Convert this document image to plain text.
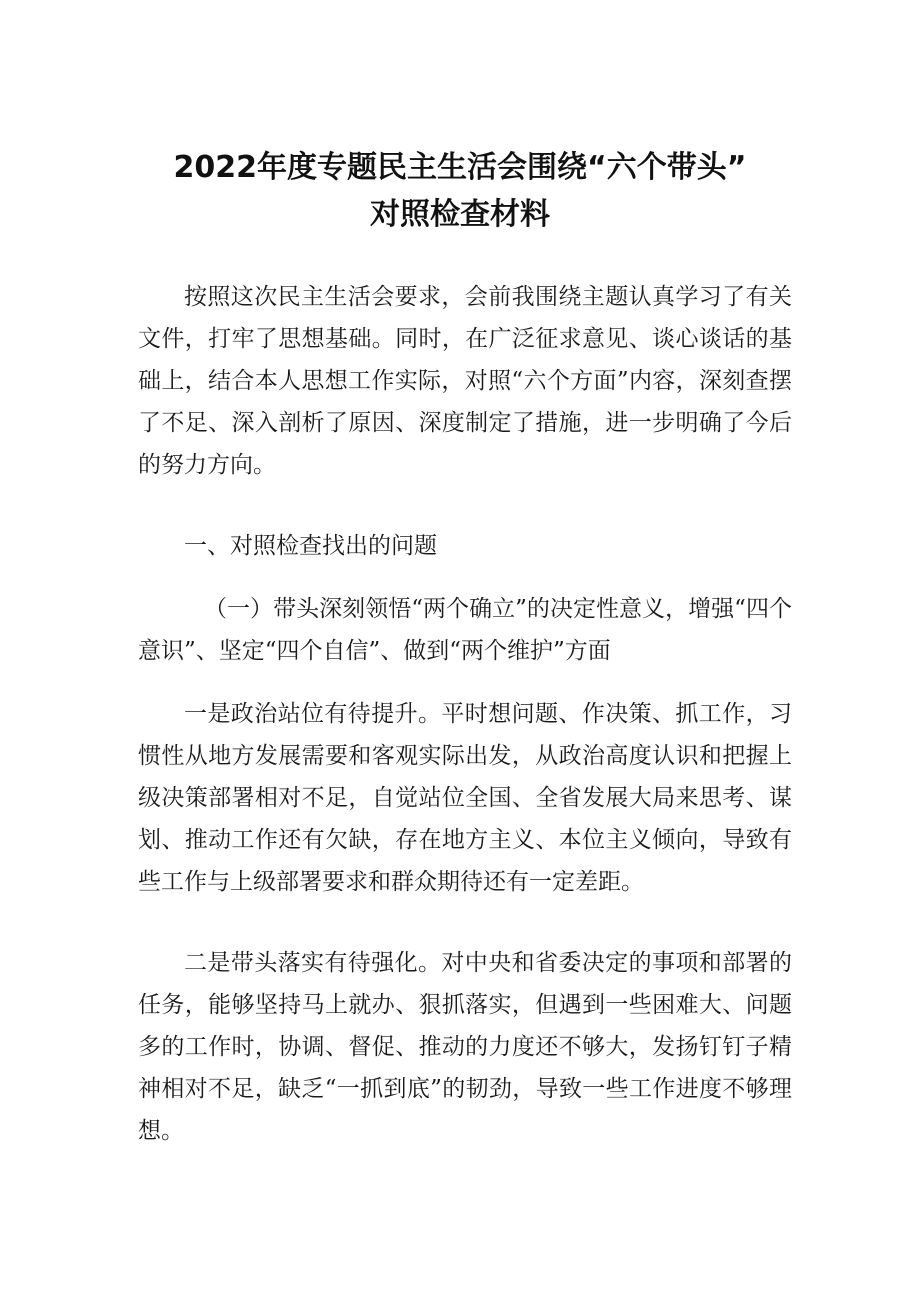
2022年度专题民主生活会围绕“六个带头”
对照检查材料

按照这次民主生活会要求，会前我围绕主题认真学习了有关文件，打牢了思想基础。同时，在广泛征求意见、谈心谈话的基础上，结合本人思想工作实际，对照“六个方面”内容，深刻查摆了不足、深入剖析了原因、深度制定了措施，进一步明确了今后的努力方向。

一、对照检查找出的问题

（一）带头深刻领悟“两个确立”的决定性意义，增强“四个意识”、坚定“四个自信”、做到“两个维护”方面

一是政治站位有待提升。平时想问题、作决策、抓工作，习惯性从地方发展需要和客观实际出发，从政治高度认识和把握上级决策部署相对不足，自觉站位全国、全省发展大局来思考、谋划、推动工作还有欠缺，存在地方主义、本位主义倾向，导致有些工作与上级部署要求和群众期待还有一定差距。

二是带头落实有待强化。对中央和省委决定的事项和部署的任务，能够坚持马上就办、狠抓落实，但遇到一些困难大、问题多的工作时，协调、督促、推动的力度还不够大，发扬钉钉子精神相对不足，缺乏“一抓到底”的韧劲，导致一些工作进度不够理想。
